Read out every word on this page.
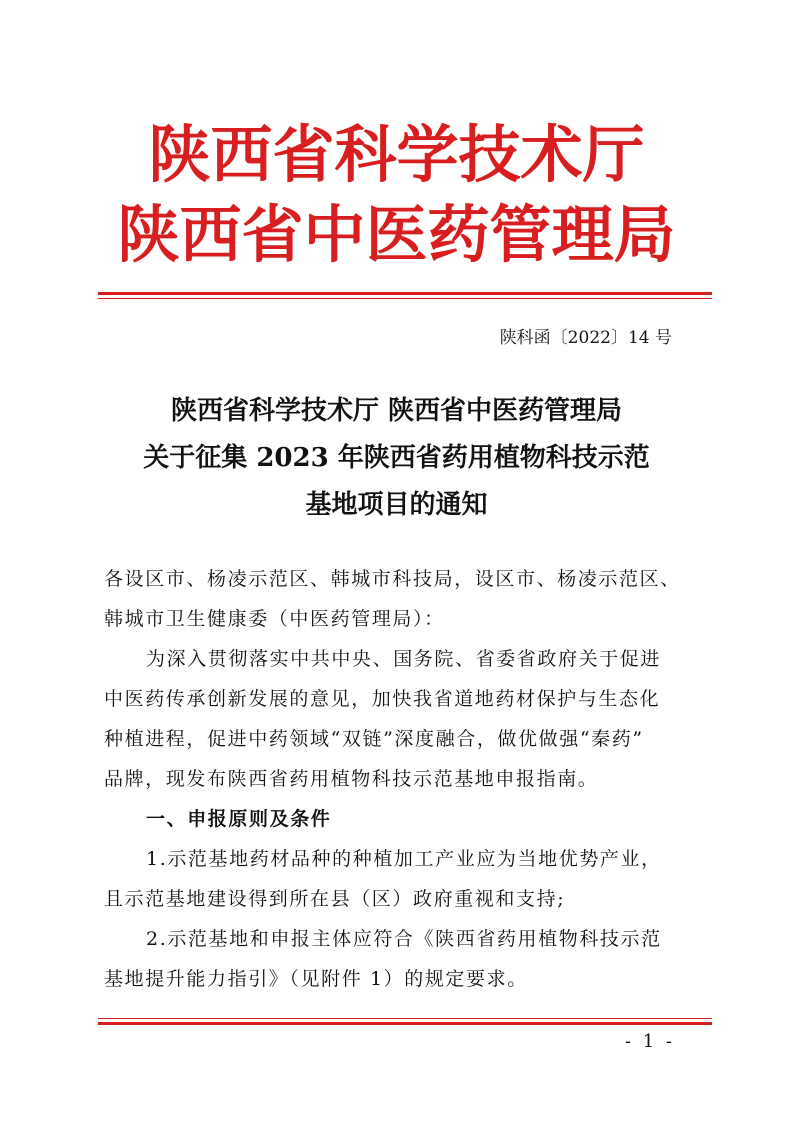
陕西省科学技术厅
陕西省中医药管理局
陕科函〔2022〕14 号
陕西省科学技术厅 陕西省中医药管理局
关于征集 2023 年陕西省药用植物科技示范
基地项目的通知
各设区市、杨凌示范区、韩城市科技局，设区市、杨凌示范区、
韩城市卫生健康委（中医药管理局）：
为深入贯彻落实中共中央、国务院、省委省政府关于促进
中医药传承创新发展的意见，加快我省道地药材保护与生态化
种植进程，促进中药领域“双链”深度融合，做优做强“秦药”
品牌，现发布陕西省药用植物科技示范基地申报指南。
一、申报原则及条件
1.示范基地药材品种的种植加工产业应为当地优势产业，
且示范基地建设得到所在县（区）政府重视和支持;
2.示范基地和申报主体应符合《陕西省药用植物科技示范
基地提升能力指引》（见附件 1）的规定要求。
- 1 -
